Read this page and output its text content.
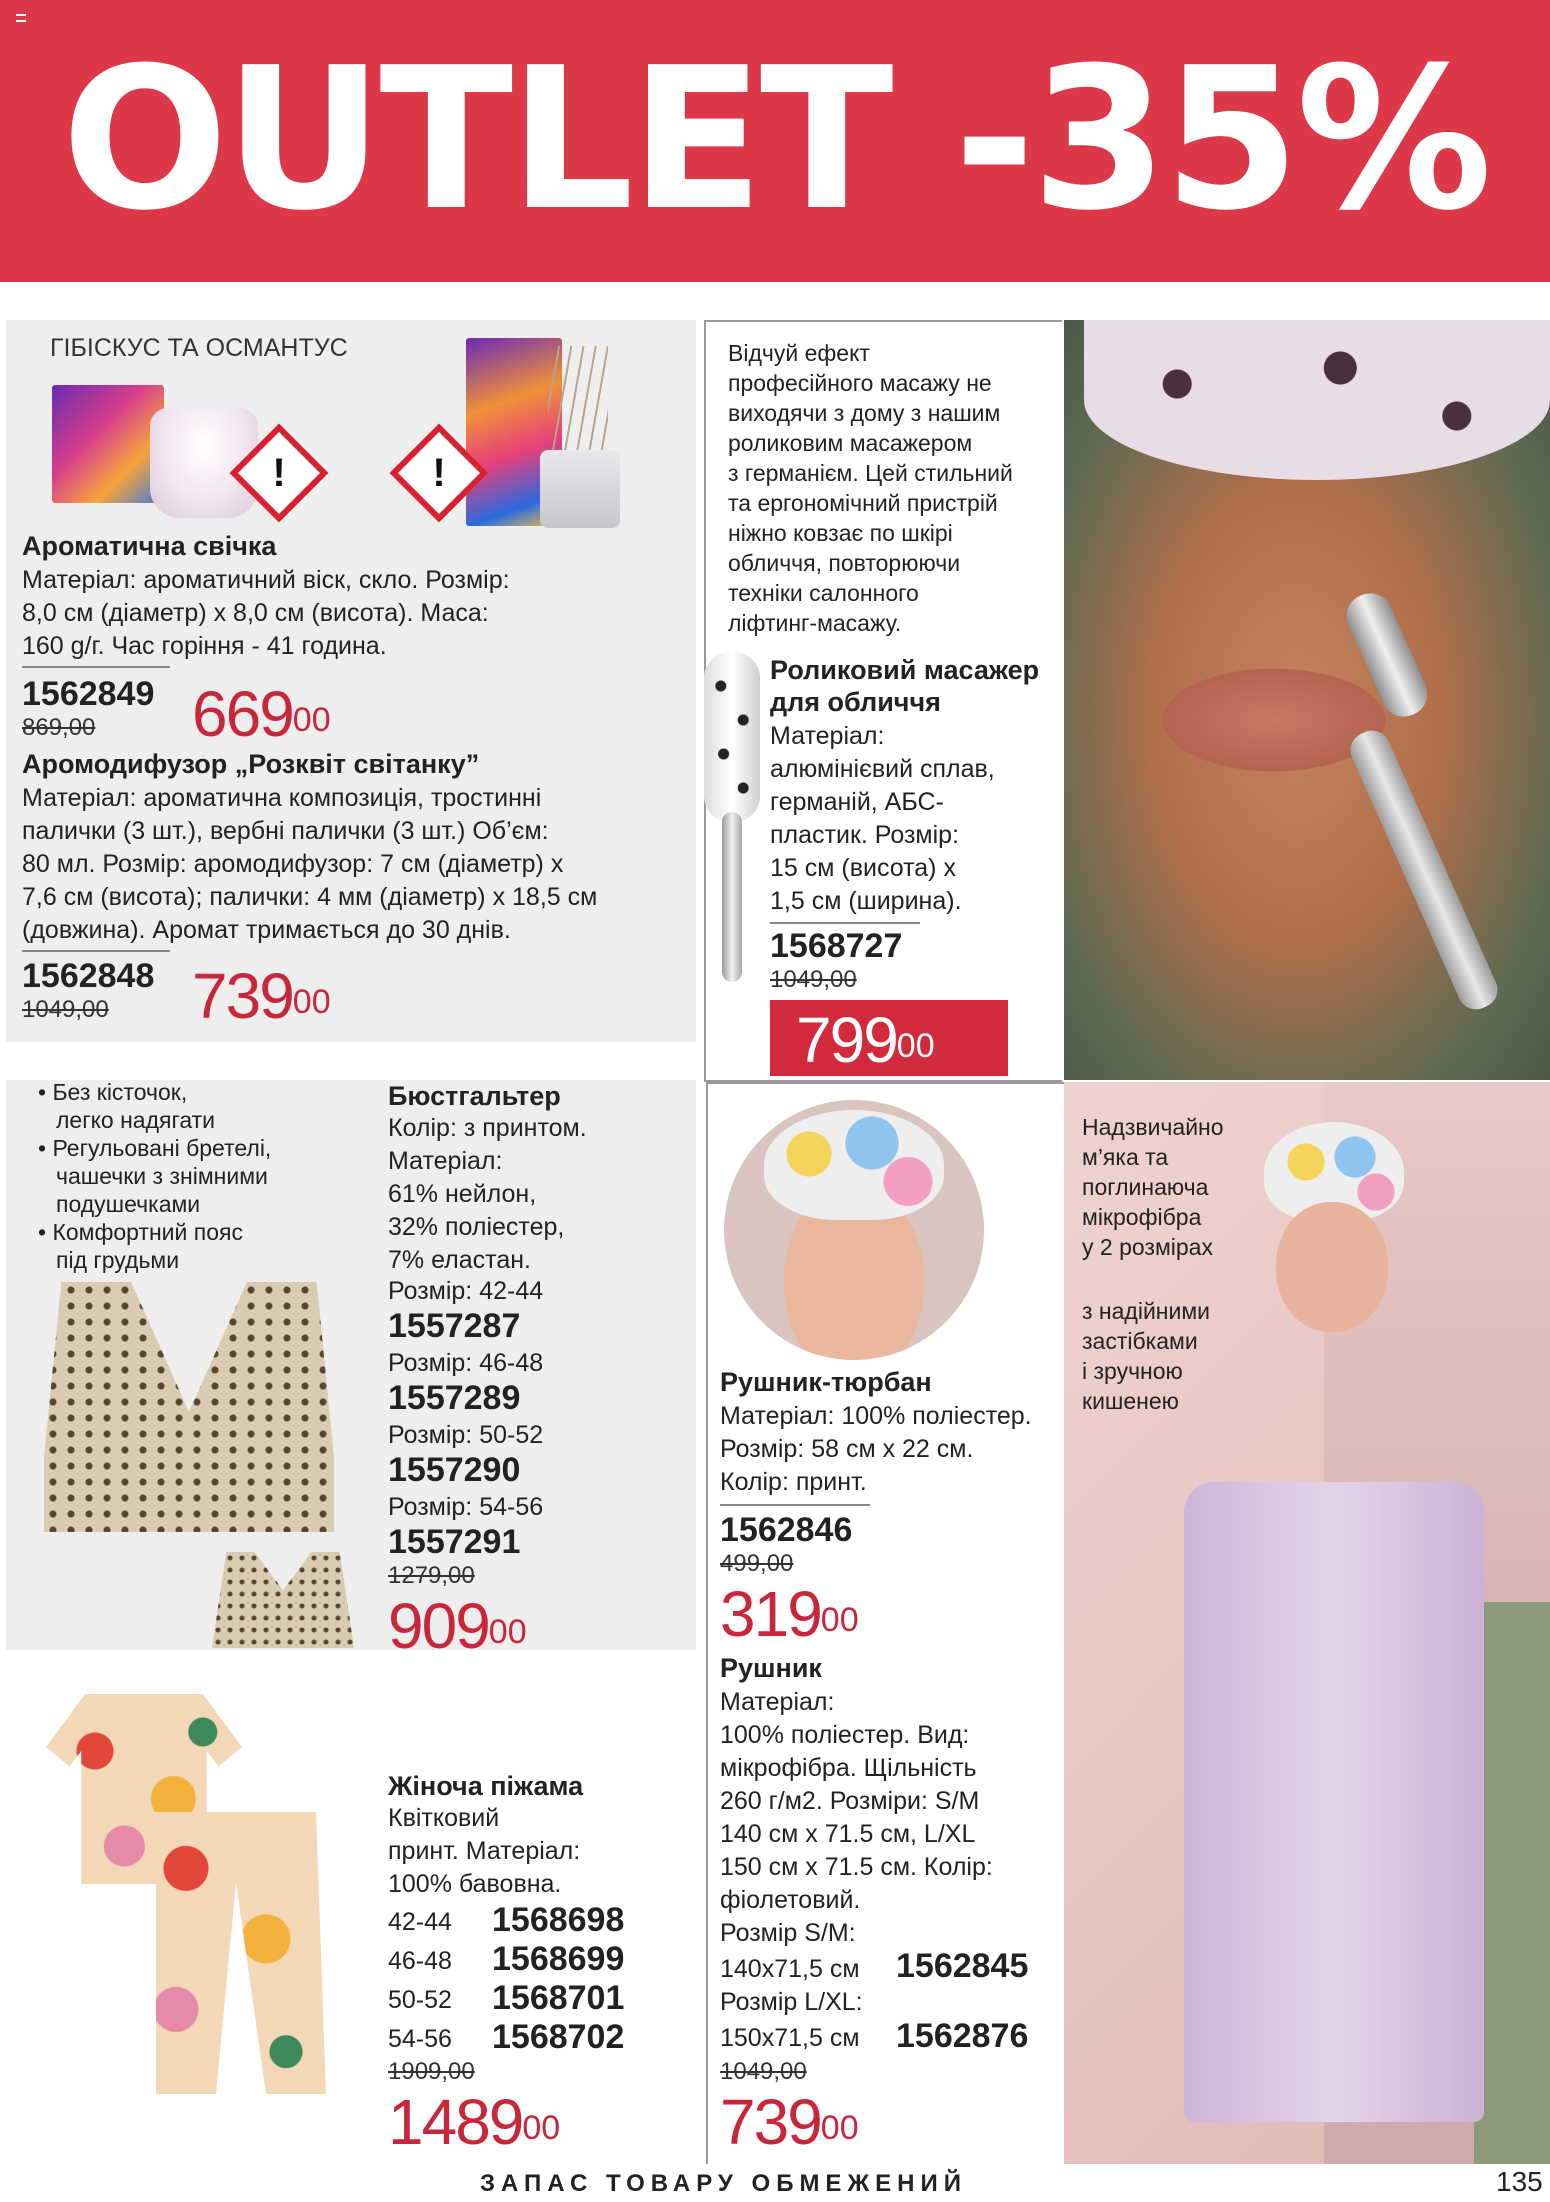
OUTLET -35%
ГІБІСКУС ТА ОСМАНТУС
!	!
Ароматична свічка
Матеріал: ароматичний віск, скло. Розмір:
8,0 см (діаметр) х 8,0 см (висота). Маса:
160 g/г. Час горіння - 41 година.
1562849
869,00 $669^{00}$
Аромодифузор „Розквіт світанку”
Матеріал: ароматична композиція, тростинні
палички (3 шт.), вербні палички (3 шт.) Об’єм:
80 мл. Розмір: аромодифузор: 7 см (діаметр) х
7,6 см (висота); палички: 4 мм (діаметр) х 18,5 см
(довжина). Аромат тримається до 30 днів.
1562848
1049,00 $739^{00}$
Відчуй ефект
професійного масажу не
виходячи з дому з нашим
роликовим масажером
з германієм. Цей стильний
та ергономічний пристрій
ніжно ковзає по шкірі
обличчя, повторюючи
техніки салонного
ліфтинг-масажу.
Роликовий масажер
для обличчя
Матеріал:
алюмінієвий сплав,
германій, АБС-
пластик. Розмір:
15 см (висота) х
1,5 см (ширина).
1568727
1049,00
$799^{00}$
• Без кісточок,
легко надягати
• Регульовані бретелі,
чашечки з знімними
подушечками
• Комфортний пояс
під грудьми
Бюстгальтер
Колір: з принтом.
Матеріал:
61% нейлон,
32% поліестер,
7% еластан.
Розмір: 42-44
1557287
Розмір: 46-48
1557289
Розмір: 50-52
1557290
Розмір: 54-56
1557291
1279,00
$909^{00}$
Жіноча піжама
Квітковий
принт. Матеріал:
100% бавовна.
42-44 1568698
46-48 1568699
50-52 1568701
54-56 1568702
1909,00
1489$^{00}$
Рушник-тюрбан
Матеріал: 100% поліестер.
Розмір: 58 см х 22 см.
Колір: принт.
1562846
499,00
$319^{00}$
Рушник
Матеріал:
100% поліестер. Вид:
мікрофібра. Щільність
260 г/м2. Розміри: S/M
140 см х 71.5 см, L/XL
150 см х 71.5 см. Колір:
фіолетовий.
Розмір S/M:
140х71,5 см 1562845
Розмір L/XL:
150х71,5 см 1562876
1049,00
$739^{00}$
Надзвичайно
м’яка та
поглинаюча
мікрофібра
у 2 розмірах
з надійними
застібками
і зручною
кишенею
ЗАПАС ТОВАРУ ОБМЕЖЕНИЙ	135
